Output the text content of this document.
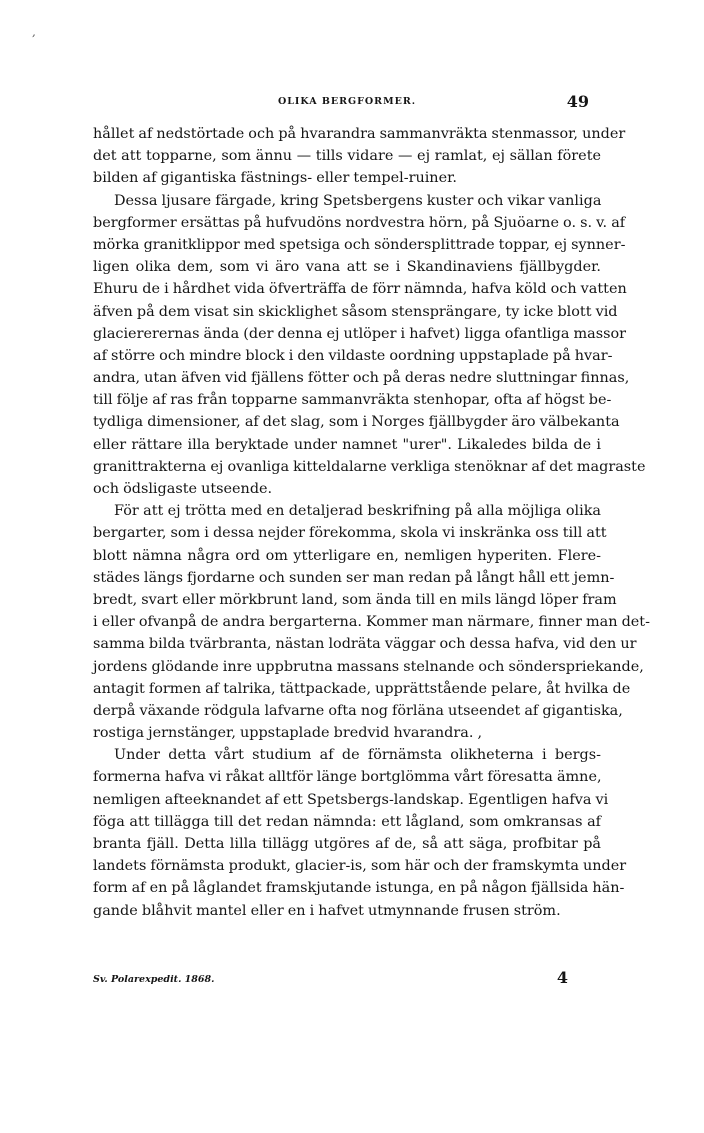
‚
OLIKA BERGFORMER.	49
hållet af nedstörtade och på hvarandra sammanvräkta stenmassor, under
det att topparne, som ännu — tills vidare — ej ramlat, ej sällan förete
bilden af gigantiska fästnings- eller tempel-ruiner.
Dessa ljusare färgade, kring Spetsbergens kuster och vikar vanliga
bergformer ersättas på hufvudöns nordvestra hörn, på Sjuöarne o. s. v. af
mörka granitklippor med spetsiga och söndersplittrade toppar, ej synner-
ligen olika dem, som vi äro vana att se i Skandinaviens fjällbygder.
Ehuru de i hårdhet vida öfverträffa de förr nämnda, hafva köld och vatten
äfven på dem visat sin skicklighet såsom stensprängare, ty icke blott vid
glaciererernas ända (der denna ej utlöper i hafvet) ligga ofantliga massor
af större och mindre block i den vildaste oordning uppstaplade på hvar-
andra, utan äfven vid fjällens fötter och på deras nedre sluttningar finnas,
till följe af ras från topparne sammanvräkta stenhopar, ofta af högst be-
tydliga dimensioner, af det slag, som i Norges fjällbygder äro välbekanta
eller rättare illa beryktade under namnet "urer". Likaledes bilda de i
granittrakterna ej ovanliga kitteldalarne verkliga stenöknar af det magraste
och ödsligaste utseende.
För att ej trötta med en detaljerad beskrifning på alla möjliga olika
bergarter, som i dessa nejder förekomma, skola vi inskränka oss till att
blott nämna några ord om ytterligare en, nemligen hyperiten. Flere-
städes längs fjordarne och sunden ser man redan på långt håll ett jemn-
bredt, svart eller mörkbrunt land, som ända till en mils längd löper fram
i eller ofvanpå de andra bergarterna. Kommer man närmare, finner man det-
samma bilda tvärbranta, nästan lodräta väggar och dessa hafva, vid den ur
jordens glödande inre uppbrutna massans stelnande och sönderspriekande,
antagit formen af talrika, tättpackade, upprättstående pelare, åt hvilka de
derpå växande rödgula lafvarne ofta nog förläna utseendet af gigantiska,
rostiga jernstänger, uppstaplade bredvid hvarandra. ,
Under detta vårt studium af de förnämsta olikheterna i bergs-
formerna hafva vi råkat alltför länge bortglömma vårt föresatta ämne,
nemligen afteeknandet af ett Spetsbergs-landskap. Egentligen hafva vi
föga att tillägga till det redan nämnda: ett lågland, som omkransas af
branta fjäll. Detta lilla tillägg utgöres af de, så att säga, profbitar på
landets förnämsta produkt, glacier-is, som här och der framskymta under
form af en på låglandet framskjutande istunga, en på någon fjällsida hän-
gande blåhvit mantel eller en i hafvet utmynnande frusen ström.
Sv. Polarexpedit. 1868.	4
